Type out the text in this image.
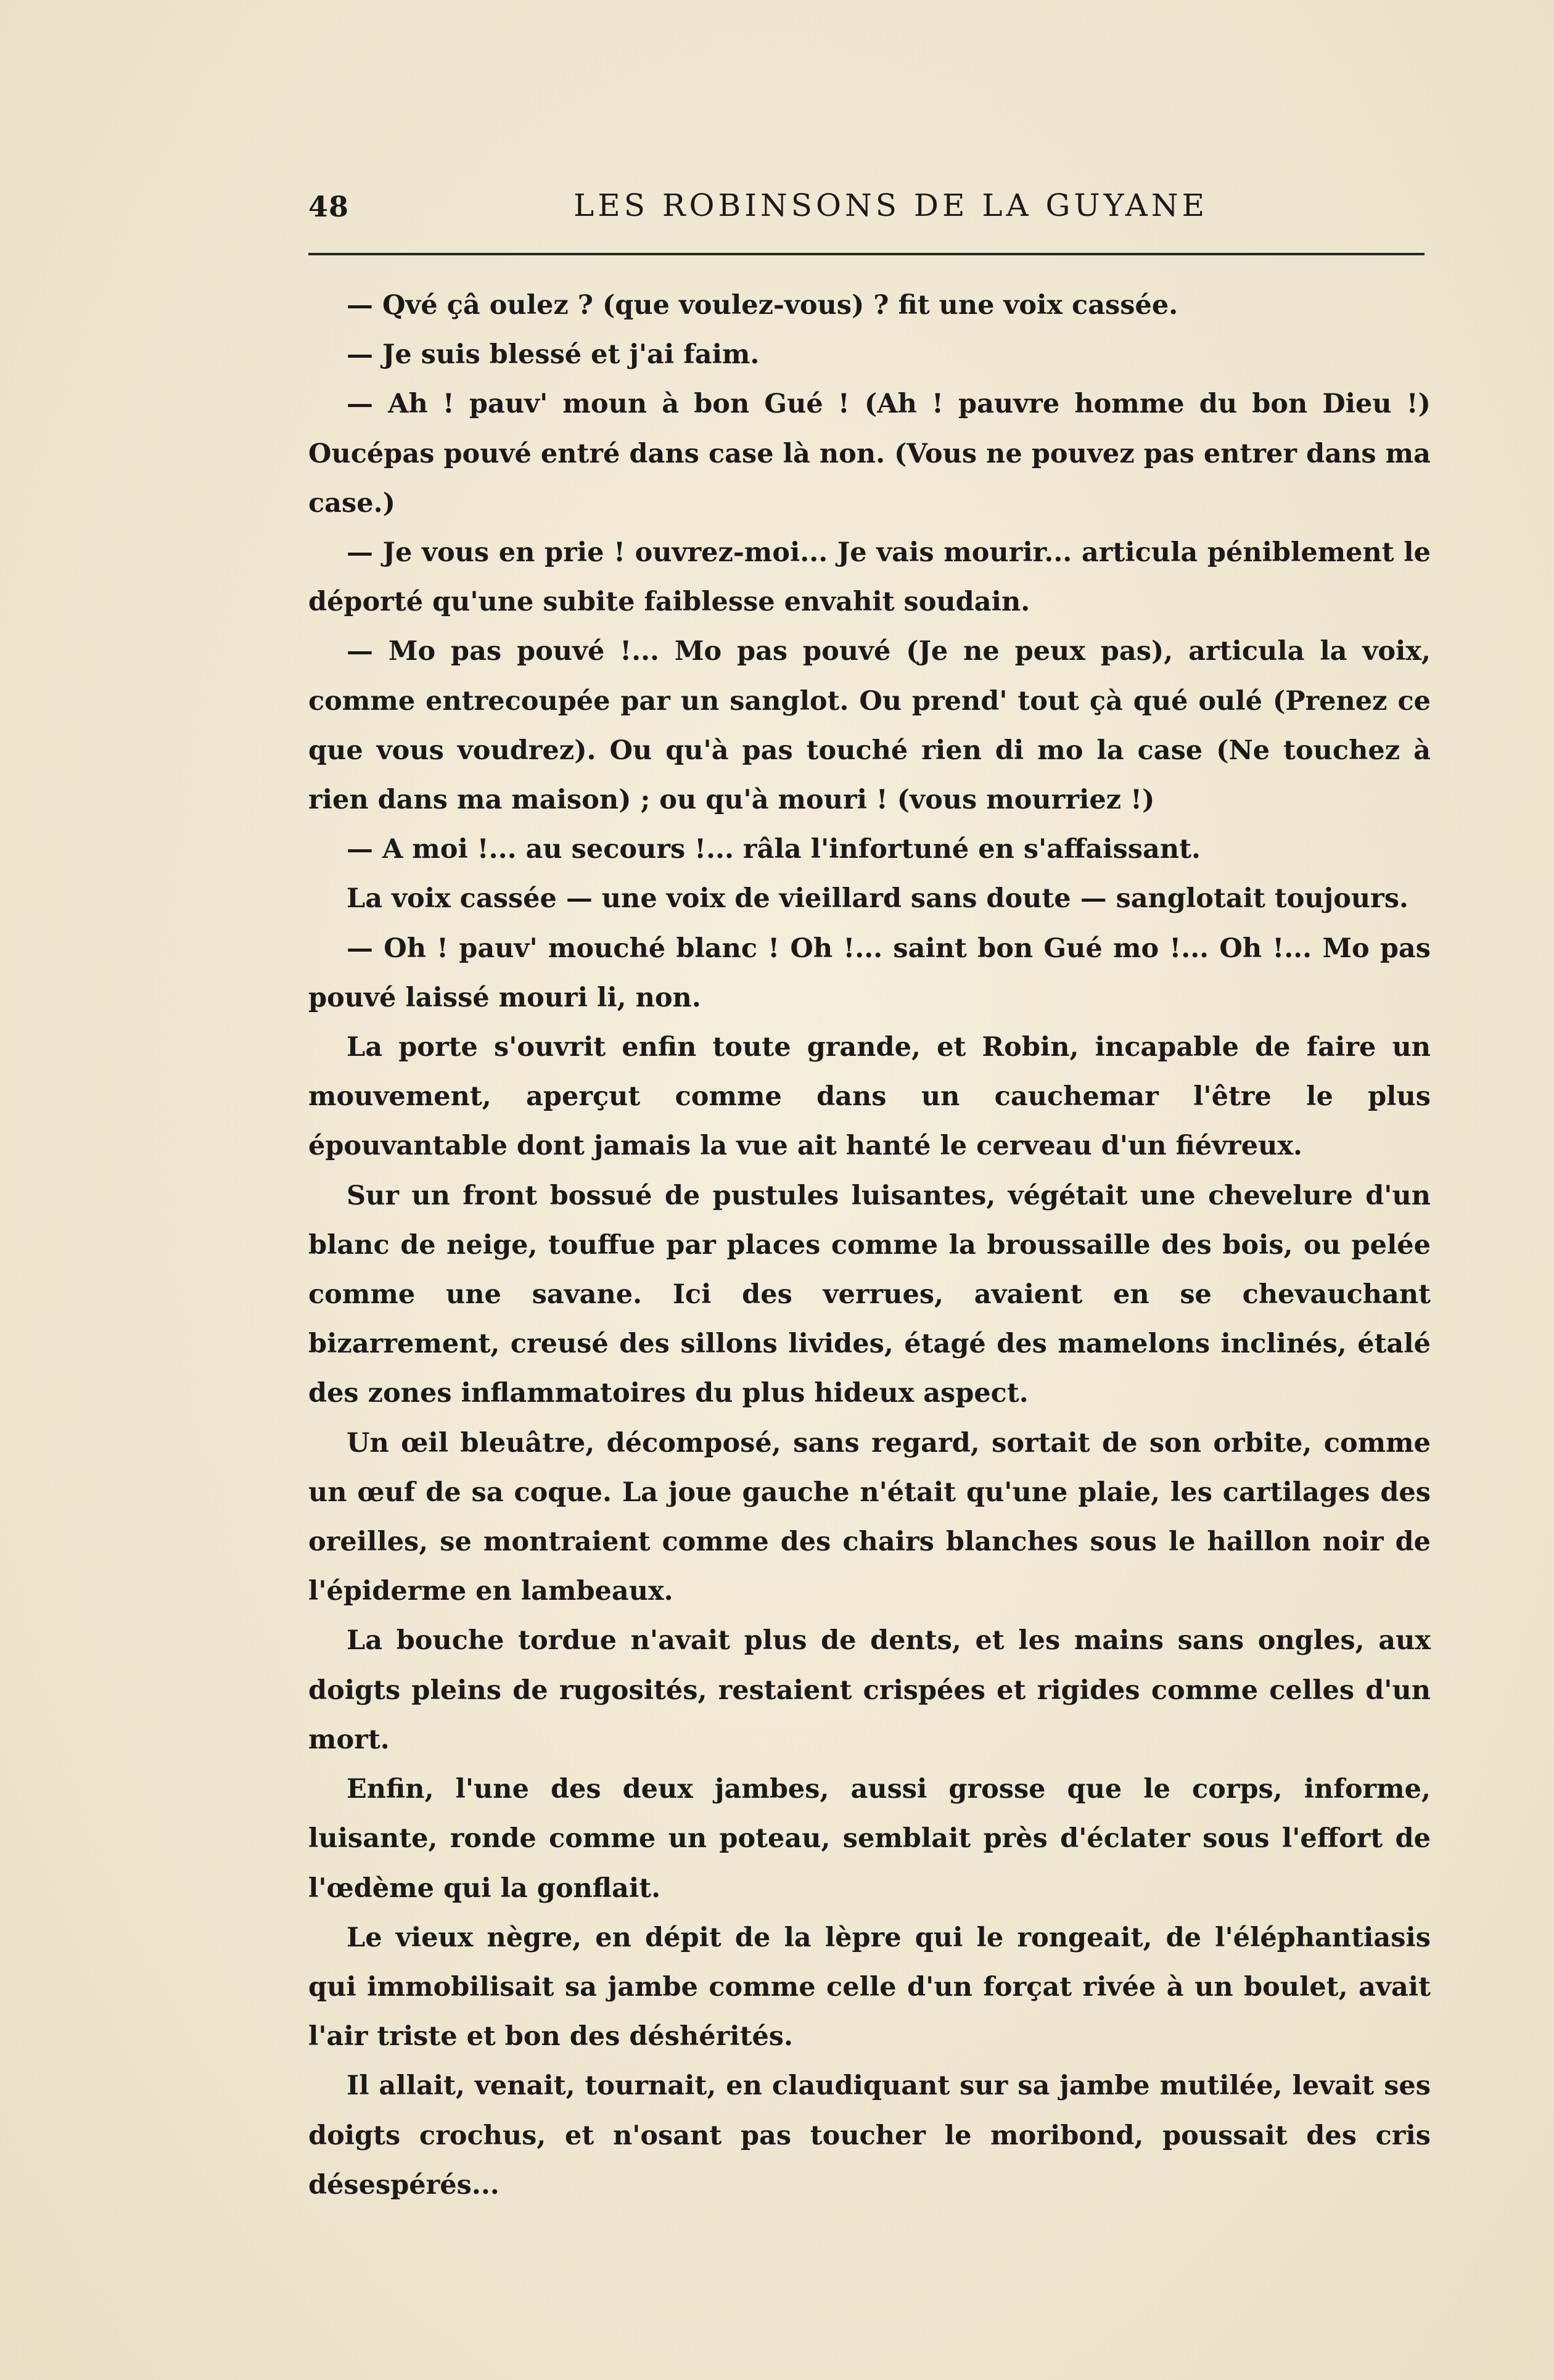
48	LES ROBINSONS DE LA GUYANE

— Qvé çâ oulez ? (que voulez-vous) ? fit une voix cassée.

— Je suis blessé et j'ai faim.

— Ah ! pauv' moun à bon Gué ! (Ah ! pauvre homme du bon Dieu !) Oucépas pouvé entré dans case là non. (Vous ne pouvez pas entrer dans ma case.)

— Je vous en prie ! ouvrez-moi... Je vais mourir... articula péniblement le déporté qu'une subite faiblesse envahit soudain.

— Mo pas pouvé !... Mo pas pouvé (Je ne peux pas), articula la voix, comme entrecoupée par un sanglot. Ou prend' tout çà qué oulé (Prenez ce que vous voudrez). Ou qu'à pas touché rien di mo la case (Ne touchez à rien dans ma maison) ; ou qu'à mouri ! (vous mourriez !)

— A moi !... au secours !... râla l'infortuné en s'affaissant.

La voix cassée — une voix de vieillard sans doute — sanglotait toujours.

— Oh ! pauv' mouché blanc ! Oh !... saint bon Gué mo !... Oh !... Mo pas pouvé laissé mouri li, non.

La porte s'ouvrit enfin toute grande, et Robin, incapable de faire un mouvement, aperçut comme dans un cauchemar l'être le plus épouvantable dont jamais la vue ait hanté le cerveau d'un fiévreux.

Sur un front bossué de pustules luisantes, végétait une chevelure d'un blanc de neige, touffue par places comme la broussaille des bois, ou pelée comme une savane. Ici des verrues, avaient en se chevauchant bizarrement, creusé des sillons livides, étagé des mamelons inclinés, étalé des zones inflammatoires du plus hideux aspect.

Un œil bleuâtre, décomposé, sans regard, sortait de son orbite, comme un œuf de sa coque. La joue gauche n'était qu'une plaie, les cartilages des oreilles, se montraient comme des chairs blanches sous le haillon noir de l'épiderme en lambeaux.

La bouche tordue n'avait plus de dents, et les mains sans ongles, aux doigts pleins de rugosités, restaient crispées et rigides comme celles d'un mort.

Enfin, l'une des deux jambes, aussi grosse que le corps, informe, luisante, ronde comme un poteau, semblait près d'éclater sous l'effort de l'œdème qui la gonflait.

Le vieux nègre, en dépit de la lèpre qui le rongeait, de l'éléphantiasis qui immobilisait sa jambe comme celle d'un forçat rivée à un boulet, avait l'air triste et bon des déshérités.

Il allait, venait, tournait, en claudiquant sur sa jambe mutilée, levait ses doigts crochus, et n'osant pas toucher le moribond, poussait des cris désespérés...
